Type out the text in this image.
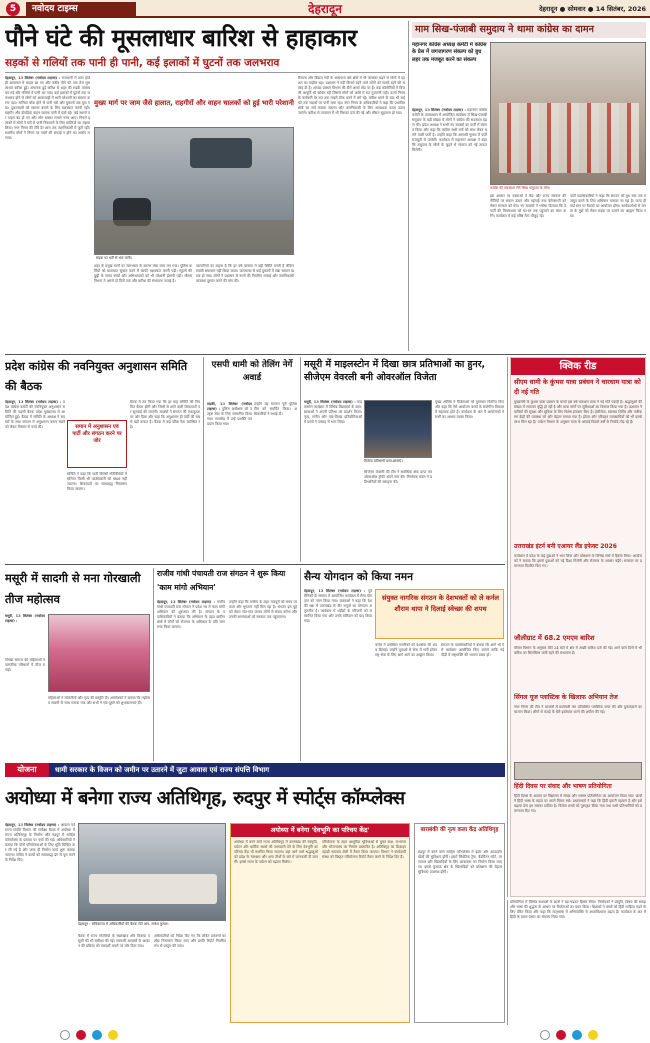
5	नवोदय टाइम्स	देहरादून	देहरादून ● सोमवार ● 14 सितंबर, 2026
पौने घंटे की मूसलाधार बारिश से हाहाकार
सड़कों से गलियों तक पानी ही पानी, कई इलाकों में घुटनों तक जलभराव
देहरादून, 13 सितंबर (नवोदय टाइम्स) : राजधानी में शाम होते ही आसमान में बादल छा गए और करीब पौने घंटे तक तेज मूसलाधार बारिश हुई। अचानक हुई बारिश से शहर की सड़कें तालाब बन गईं और गलियों में पानी भर गया। कई इलाकों में घुटनों तक जलभराव होने से लोगों को आवाजाही में भारी परेशानी का सामना करना पड़ा। नालियां चोक होने से पानी घरों और दुकानों तक घुस गया। दुकानदारों को सामान बचाने के लिए मशक्कत करनी पड़ी। राहगीर और दोपहिया वाहन चालक पानी में फंसे रहे। कई स्थानों पर वाहन बंद हो गए और लोग धक्का लगाते नजर आए। निचले इलाकों में लोगों ने घरों से पानी निकालने के लिए बाल्टियों का सहारा लिया। नगर निगम की टीमें देर शाम तक जलनिकासी में जुटी रहीं। स्थानीय लोगों ने निगम पर नालों की सफाई न होने का आरोप लगाया।
मुख्य मार्ग पर जाम जैसे हालात, राहगीरों और वाहन चालकों को हुई भारी परेशानी
सड़क पर भरीं से भरा पानी।
शहर के प्रमुख मार्गों पर जलभराव के कारण लंबा जाम लग गया। पुलिस कर्मियों को यातायात सुचारु करने में काफी मशक्कत करनी पड़ी। स्कूलों की छुट्टी के समय बच्चों और अभिभावकों को भी परेशानी झेलनी पड़ी। मौसम विभाग ने अगले दो दिनों तक और बारिश की संभावना जताई है।
व्यापारियों का कहना है कि हर वर्ष बरसात में यही स्थिति बनती है लेकिन स्थायी समाधान नहीं किया जाता। जलभराव से कई दुकानों में रखा सामान खराब हो गया। लोगों ने प्रशासन से नालों की नियमित सफाई और जलनिकासी व्यवस्था दुरुस्त करने की मांग की।
रिस्पना और बिंदाल नदी के आसपास बसे क्षेत्रों में भी जलस्तर बढ़ने से लोगों में दहशत का माहौल रहा। प्रशासन ने नदी किनारे रहने वाले लोगों को सतर्क रहने की सलाह दी है। आपदा प्रबंधन विभाग की टीमें अलर्ट मोड पर हैं। कई कॉलोनियों में बिजली आपूर्ति भी बाधित रही जिससे लोगों को अंधेरे में रात गुजारनी पड़ी। ऊर्जा निगम के कर्मचारी देर रात तक लाइनें ठीक करने में लगे रहे। बारिश थमने के बाद भी कई घंटे तक सड़कों पर पानी जमा रहा। नगर निगम के अधिकारियों ने कहा कि प्रभावित क्षेत्रों का सर्वे कराया जाएगा और जलनिकासी के लिए आवश्यक कदम उठाए जाएंगे। बारिश से तापमान में भी गिरावट दर्ज की गई और मौसम सुहावना हो गया।
माम सिख-पंजाबी समुदाय ने थामा कांग्रेस का दामन
महानगर कांग्रेस अध्यक्ष कमेटी में कांग्रेस के प्रेस में जगजागरण संकल्प को बुध लहर तक मजबूत करने का संकल्प
कांग्रेस की सदस्यता लेने सिख समुदाय के लोग।
देहरादून, 13 सितंबर (नवोदय टाइम्स) : महानगर कांग्रेस कमेटी के तत्वावधान में आयोजित कार्यक्रम में सिख-पंजाबी समुदाय के बड़ी संख्या में लोगों ने कांग्रेस की सदस्यता ग्रहण की। प्रदेश अध्यक्ष ने सभी नए सदस्यों का पार्टी में स्वागत किया और कहा कि कांग्रेस सभी वर्गों को साथ लेकर चलने वाली पार्टी है। उन्होंने कहा कि आगामी चुनाव में पार्टी मजबूती से उतरेगी। कार्यक्रम में महानगर अध्यक्ष ने कहा कि समुदाय के लोगों के जुड़ने से संगठन को नई ताकत मिलेगी।
इस अवसर पर वक्ताओं ने केंद्र और राज्य सरकार की नीतियों पर सवाल उठाए और महंगाई तथा बेरोजगारी को लेकर सरकार को घेरा। नए सदस्यों ने भरोसा दिलाया कि वे पार्टी की विचारधारा को घर-घर तक पहुंचाने का काम करेंगे। कार्यक्रम में कई वरिष्ठ नेता मौजूद रहे।
पार्टी पदाधिकारियों ने कहा कि संगठन को बूथ स्तर तक मजबूत करने के लिए अभियान चलाया जा रहा है। जल्द ही वार्ड स्तर पर बैठकों का आयोजन होगा। कार्यकर्ताओं से जनता के मुद्दों को लेकर सड़क पर उतरने का आह्वान किया गया।
प्रदेश कांग्रेस की नवनियुक्त अनुशासन समिति की बैठक
देहरादून, 13 सितंबर (नवोदय टाइम्स) : प्रदेश कांग्रेस कमेटी की नवनियुक्त अनुशासन समिति की पहली बैठक प्रदेश मुख्यालय में आयोजित हुई। बैठक में समिति के अध्यक्ष ने सदस्यों के साथ संगठन में अनुशासन बनाए रखने को लेकर विस्तार से चर्चा की।	समान में अनुशासन एवं पार्टी और संगठन करने पर जोर
समिति ने कहा कि पार्टी विरोधी गतिविधियों में संलिप्त किसी भी पदाधिकारी को बख्शा नहीं जाएगा। शिकायतों का समयबद्ध निस्तारण किया जाएगा।
बैठक में तय किया गया कि हर माह समिति की नियमित बैठक होगी और जिलों से आने वाली शिकायतों पर सुनवाई की जाएगी। सदस्यों ने संगठन की एकजुटता पर जोर दिया और कहा कि अनुशासन ही पार्टी की सबसे बड़ी ताकत है। बैठक में कई वरिष्ठ नेता उपस्थित रहे।
एसपी धामी को तेलिंग नेर्गे अवार्ड
रुड़की, 13 सितंबर (नवोदय टाइम्स) : पुलिस अधीक्षक को उत्कृष्ट सेवा के लिए सम्मानित किया गया। समारोह में उन्हें प्रशस्ति पत्र प्रदान किया गया।
उन्होंने यह सम्मान पूरी पुलिस टीम को समर्पित किया। अधिकारियों ने बधाई दी।
मसूरी में माइलस्टोन में दिखा छात्र प्रतिभाओं का हुनर, सीजेएम वेवरली बनी ओवरऑल विजेता
मसूरी, 13 सितंबर (नवोदय टाइम्स) : माइलस्टोन कार्यक्रम में विभिन्न विद्यालयों के छात्र-छात्राओं ने अपनी प्रतिभा का प्रदर्शन किया। नृत्य, संगीत और वाद-विवाद प्रतियोगिताओं में छात्रों ने उत्साह से भाग लिया।
विजेता प्रतिभागी छात्र-छात्राएं।
सीजेएम वेवरली की टीम ने सर्वाधिक अंक प्राप्त कर ओवरऑल ट्रॉफी अपने नाम की। निर्णायक मंडल ने प्रतिभागियों की सराहना की।
मुख्य अतिथि ने विजेताओं को पुरस्कार वितरित किए और कहा कि ऐसे आयोजन बच्चों के सर्वांगीण विकास में सहायक होते हैं। कार्यक्रम के अंत में आयोजकों ने सभी का आभार व्यक्त किया।
क्विक रीड
सीएम धामी के कुंभस यात्रा प्रबंधन ने चारधाम यात्रा को दी नई गति
मुख्यमंत्री के कुशल यात्रा प्रबंधन के चलते इस वर्ष चारधाम यात्रा ने नई गति पकड़ी है। श्रद्धालुओं की संख्या में लगातार वृद्धि हो रही है और यात्रा मार्गों पर सुविधाओं का विस्तार किया गया है। प्रशासन ने यात्रियों की सुरक्षा और सुविधा के लिए विशेष इंतजाम किए हैं। हेलीसेवा, स्वास्थ्य शिविर और पंजीकरण केंद्रों की व्यवस्था को और बेहतर बनाया गया है। होटल और परिवहन व्यवसायियों को भी इससे लाभ मिल रहा है। पर्यटन विभाग के अनुसार यात्रा के आंकड़े पिछले वर्षों के रिकॉर्ड तोड़ रहे हैं।
उत्तराखंड इंटर्न बनी एआयर लैंड इफेक्ट 2026
कार्यक्रम में प्रदेश के कई युवाओं ने भाग लिया और प्रशिक्षण के विभिन्न सत्रों में हिस्सा लिया। आयोजकों ने बताया कि इससे युवाओं को नई दिशा मिलेगी और रोजगार के अवसर बढ़ेंगे। समापन पर प्रमाणपत्र वितरित किए गए।
जौलीग्राट में 68.2 एमएम बारिश
मौसम विभाग के अनुसार बीते 24 घंटों में क्षेत्र में अच्छी बारिश दर्ज की गई। आने वाले दिनों में भी बारिश का सिलसिला जारी रहने की संभावना है।
सिंगल यूज प्लास्टिक के खिलाफ अभियान तेज
नगर निगम की टीम ने बाजारों में छापेमारी कर प्रतिबंधित प्लास्टिक जब्त की और दुकानदारों का चालान किया। लोगों से कपड़े के थैले इस्तेमाल करने की अपील की गई।
हिंदी दिवस पर संवाद और भाषण प्रतियोगिता
हिंदी दिवस के अवसर पर विद्यालय में संवाद और भाषण प्रतियोगिता का आयोजन किया गया। छात्रों ने हिंदी भाषा के महत्व पर अपने विचार रखे। प्रधानाचार्य ने कहा कि हिंदी हमारी पहचान है और इसे बढ़ावा देना हम सबका दायित्व है। विजेता छात्रों को पुरस्कृत किया गया तथा सभी प्रतिभागियों को प्रमाणपत्र दिए गए।
मसूरी में सादगी से मना गोरखाली तीज महोत्सव
मसूरी, 13 सितंबर (नवोदय टाइम्स) :
गोरखा समाज की महिलाओं ने पारंपरिक परिधानों में तीज मनाई।
महिलाओं ने लोकगीतों और नृत्य की प्रस्तुति दी। आयोजकों ने बताया कि महोत्सव सादगी के साथ मनाया गया और सभी ने एक-दूसरे को शुभकामनाएं दीं।
राजीव गांधी पंचायती राज संगठन ने शुरू किया 'काम मांगो अभियान'
देहरादून, 13 सितंबर (नवोदय टाइम्स) : राजीव गांधी पंचायती राज संगठन ने प्रदेश भर में काम मांगो अभियान की शुरुआत की है। संगठन के पदाधिकारियों ने बताया कि अभियान के तहत ग्रामीण क्षेत्रों में लोगों को रोजगार के अधिकार के प्रति जागरूक किया जाएगा।
उन्होंने कहा कि मनरेगा के तहत मजदूरों को समय पर काम और भुगतान नहीं मिल रहा है। संगठन इस मुद्दे को लेकर गांव-गांव जाकर लोगों से संवाद करेगा और उनकी समस्याओं को सरकार तक पहुंचाएगा।
सैन्य योगदान को किया नमन
देहरादून, 13 सितंबर (नवोदय टाइम्स) : पूर्व सैनिकों के सम्मान में आयोजित कार्यक्रम में सैन्य योगदान को नमन किया गया। वक्ताओं ने कहा कि देश की रक्षा में उत्तराखंड के वीर सपूतों का योगदान अतुलनीय है। कार्यक्रम में शहीदों के परिजनों को सम्मानित किया गया और उनके बलिदान को याद किया गया।
संयुक्त नागरिक संगठन के देशभक्तों को ले कर्नल शौराम थापा ने दिलाई स्वेच्छा की शपथ
कर्नल ने उपस्थित नागरिकों को देशसेवा की शपथ दिलाई। उन्होंने युवाओं से सेना में भर्ती होकर राष्ट्र सेवा के लिए आगे आने का आह्वान किया।
संगठन के पदाधिकारियों ने बताया कि आगे भी ऐसे कार्यक्रम आयोजित किए जाएंगे ताकि नई पीढ़ी में राष्ट्रभक्ति की भावना प्रबल हो।
योजना	धामी सरकार के विजन को जमीन पर उतारने में जुटा आवास एवं राज्य संपत्ति विभाग
अयोध्या में बनेगा राज्य अतिथिगृह, रुदपुर में स्पोर्ट्स कॉम्प्लेक्स
देहरादून, 13 सितंबर (नवोदय टाइम्स) : आवास एवं राज्य संपत्ति विभाग की समीक्षा बैठक में अयोध्या में राज्य अतिथिगृह के निर्माण और रुद्रपुर में स्पोर्ट्स कॉम्प्लेक्स के प्रस्ताव पर चर्चा की गई। अधिकारियों ने बताया कि दोनों परियोजनाओं के लिए भूमि चिन्हित कर ली गई है और जल्द ही निर्माण कार्य शुरू कराया जाएगा। सचिव ने कार्यों को समयबद्ध ढंग से पूरा करने के निर्देश दिए।
देहरादून : सचिवालय में अधिकारियों की बैठक लेते आर. राजेश कुमार।
बैठक में राज्य संपत्तियों के रखरखाव और किराया वसूली की भी समीक्षा की गई। सरकारी आवासों के आवंटन की प्रक्रिया को पारदर्शी बनाने पर जोर दिया गया।
अधिकारियों को निर्देश दिए गए कि लंबित प्रकरणों का शीघ्र निस्तारण किया जाए और प्रगति रिपोर्ट नियमित रूप से प्रस्तुत की जाए।
अयोध्या में बनेगा 'देवभूमि का परिचय केंद्र'
अयोध्या में बनने वाले राज्य अतिथिगृह में उत्तराखंड की संस्कृति, पर्यटन और धार्मिक स्थलों की जानकारी देने के लिए देवभूमि का परिचय केंद्र भी स्थापित किया जाएगा। यहां आने वाले श्रद्धालुओं को प्रदेश के चारधाम और अन्य तीर्थों के बारे में जानकारी दी जाएगी। इससे राज्य के पर्यटन को बढ़ावा मिलेगा।
परियोजना के तहत आधुनिक सुविधाओं से युक्त कक्ष, सभागार और भोजनालय का निर्माण प्रस्तावित है। अतिथिगृह का डिजाइन पहाड़ी स्थापत्य शैली में तैयार किया जाएगा। विभाग ने कार्यदायी संस्था को विस्तृत परियोजना रिपोर्ट तैयार करने के निर्देश दिए हैं।
बाराबंकी की नृत्य कला केंद्र अतिथिगृह
रुद्रपुर में बनने वाले स्पोर्ट्स कॉम्प्लेक्स में इंडोर और आउटडोर खेलों की सुविधाएं होंगी। इसमें सिंथेटिक ट्रैक, बैडमिंटन कोर्ट, तरणताल और खिलाड़ियों के लिए छात्रावास का निर्माण किया जाएगा। इससे कुमाऊं क्षेत्र के खिलाड़ियों को प्रशिक्षण की बेहतर सुविधाएं उपलब्ध होंगी।
प्रतियोगिता में विभिन्न कक्षाओं के छात्रों ने बढ़-चढ़कर हिस्सा लिया। निर्णायकों ने प्रस्तुति, विषय की समझ और भाषा की शुद्धता के आधार पर विजेताओं का चयन किया। शिक्षकों ने बच्चों को हिंदी साहित्य पढ़ने के लिए प्रेरित किया और कहा कि मातृभाषा में अभिव्यक्ति से आत्मविश्वास बढ़ता है। कार्यक्रम के अंत में हिंदी के प्रचार-प्रसार का संकल्प लिया गया।
